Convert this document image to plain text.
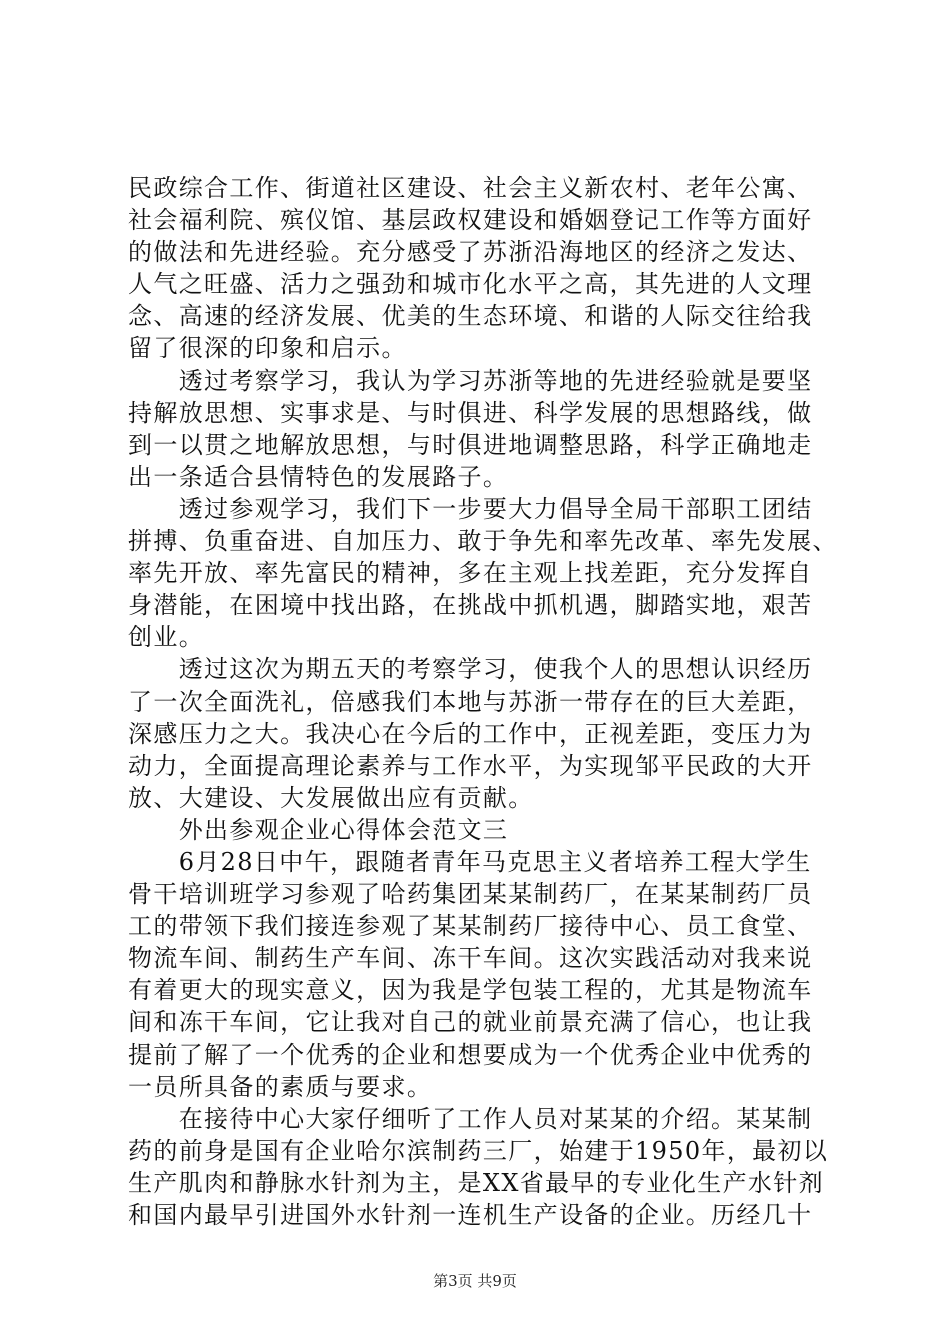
民政综合工作、街道社区建设、社会主义新农村、老年公寓、
社会福利院、殡仪馆、基层政权建设和婚姻登记工作等方面好
的做法和先进经验。充分感受了苏浙沿海地区的经济之发达、
人气之旺盛、活力之强劲和城市化水平之高，其先进的人文理
念、高速的经济发展、优美的生态环境、和谐的人际交往给我
留了很深的印象和启示。
　　透过考察学习，我认为学习苏浙等地的先进经验就是要坚
持解放思想、实事求是、与时俱进、科学发展的思想路线，做
到一以贯之地解放思想，与时俱进地调整思路，科学正确地走
出一条适合县情特色的发展路子。
　　透过参观学习，我们下一步要大力倡导全局干部职工团结
拼搏、负重奋进、自加压力、敢于争先和率先改革、率先发展、
率先开放、率先富民的精神，多在主观上找差距，充分发挥自
身潜能，在困境中找出路，在挑战中抓机遇，脚踏实地，艰苦
创业。
　　透过这次为期五天的考察学习，使我个人的思想认识经历
了一次全面洗礼，倍感我们本地与苏浙一带存在的巨大差距，
深感压力之大。我决心在今后的工作中，正视差距，变压力为
动力，全面提高理论素养与工作水平，为实现邹平民政的大开
放、大建设、大发展做出应有贡献。
　　外出参观企业心得体会范文三
　　6月28日中午，跟随者青年马克思主义者培养工程大学生
骨干培训班学习参观了哈药集团某某制药厂，在某某制药厂员
工的带领下我们接连参观了某某制药厂接待中心、员工食堂、
物流车间、制药生产车间、冻干车间。这次实践活动对我来说
有着更大的现实意义，因为我是学包装工程的，尤其是物流车
间和冻干车间，它让我对自己的就业前景充满了信心，也让我
提前了解了一个优秀的企业和想要成为一个优秀企业中优秀的
一员所具备的素质与要求。
　　在接待中心大家仔细听了工作人员对某某的介绍。某某制
药的前身是国有企业哈尔滨制药三厂，始建于1950年，最初以
生产肌肉和静脉水针剂为主，是XX省最早的专业化生产水针剂
和国内最早引进国外水针剂一连机生产设备的企业。历经几十
第3页 共9页
